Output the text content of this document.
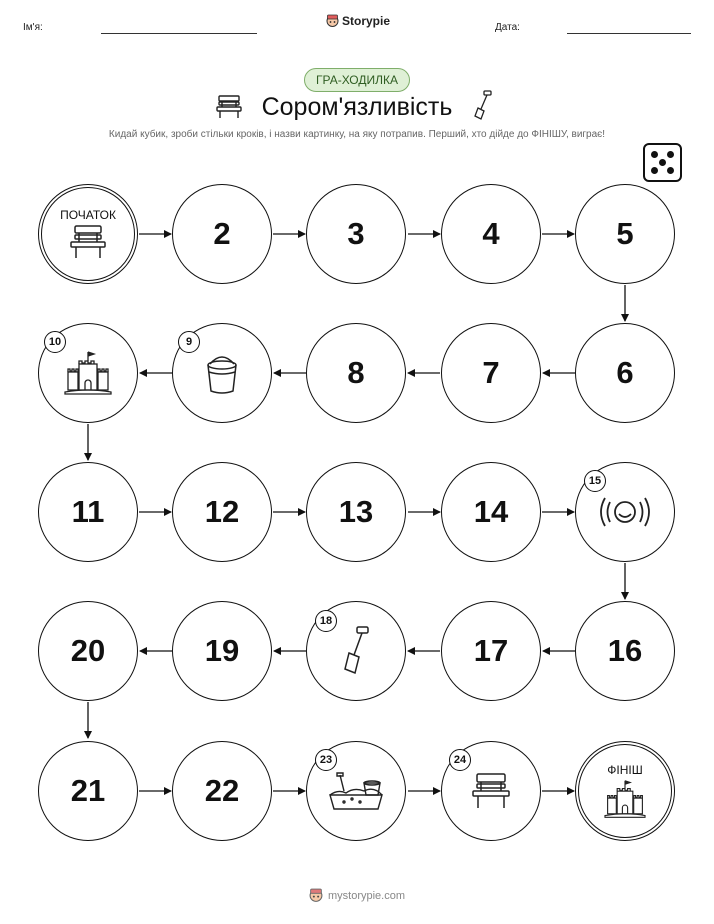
Ім'я:	Storypie	Дата:
ГРА-ХОДИЛКА
Сором'язливість
Кидай кубик, зроби стільки кроків, і назви картинку, на яку потрапив. Перший, хто дійде до ФІНІШУ, виграє!
ПОЧАТОК
2	3	4	5
10	9
8	7	6
11	12	13	14
15
20	19
18
17	16
21	22
23	24
ФІНІШ
mystorypie.com
